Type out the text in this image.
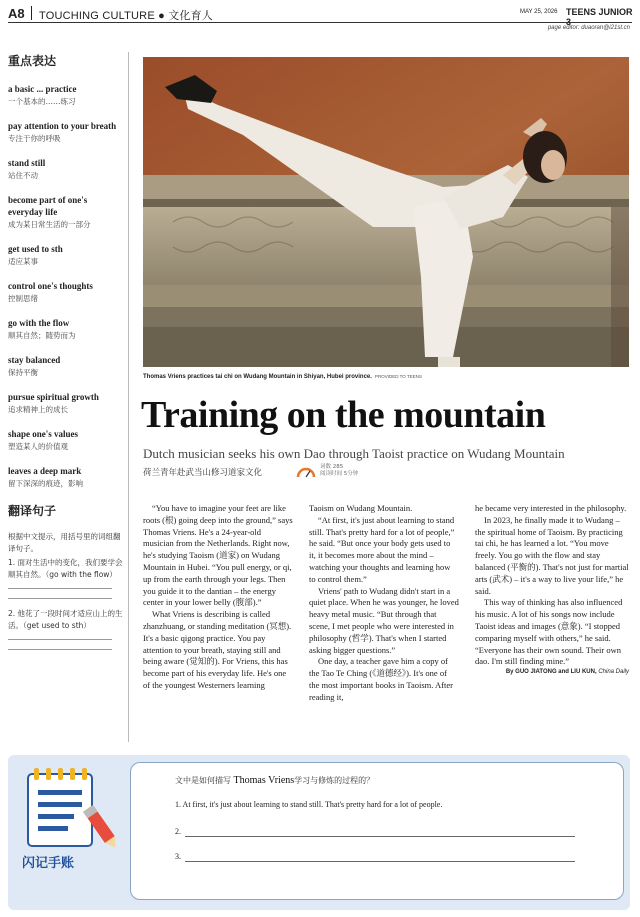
A8 TOUCHING CULTURE ● 文化育人	MAY 25, 2026 TEENS JUNIOR
page editor: duaoran@i21st.cn
重点表达
a basic ... practice
一个基本的……练习
pay attention to your breath
专注于你的呼吸
stand still
站住不动
become part of one's everyday life
成为某日常生活的一部分
get used to sth
适应某事
control one's thoughts
控制思绪
go with the flow
顺其自然；随势而为
stay balanced
保持平衡
pursue spiritual growth
追求精神上的成长
shape one's values
塑造某人的价值观
leaves a deep mark
留下深深的痕迹，影响
翻译句子
根据中文提示，用括号里的词组翻译句子。
1. 面对生活中的变化，我们要学会顺其自然。（go with the flow）
2. 他花了一段时间才适应山上的生活。（get used to sth）
Thomas Vriens practices tai chi on Wudang Mountain in Shiyan, Hubei province. PROVIDED TO TEENS
Training on the mountain
Dutch musician seeks his own Dao through Taoist practice on Wudang Mountain
荷兰青年赴武当山修习道家文化
词数 285
阅读时间 5分钟

“You have to imagine your feet are like roots (根) going deep into the ground,” says Thomas Vriens. He's a 24-year-old musician from the Netherlands. Right now, he's studying Taoism (道家) on Wudang Mountain in Hubei. “You pull energy, or qi, up from the earth through your legs. Then you guide it to the dantian – the energy center in your lower belly (腹部).”

What Vriens is describing is called zhanzhuang, or standing meditation (冥想). It's a basic qigong practice. You pay attention to your breath, staying still and being aware (觉知的). For Vriens, this has become part of his everyday life. He's one of the youngest Westerners learning

Taoism on Wudang Mountain.

“At first, it's just about learning to stand still. That's pretty hard for a lot of people,” he said. “But once your body gets used to it, it becomes more about the mind – watching your thoughts and learning how to control them.”

Vriens' path to Wudang didn't start in a quiet place. When he was younger, he loved heavy metal music. “But through that scene, I met people who were interested in philosophy (哲学). That's when I started asking bigger questions.”

One day, a teacher gave him a copy of the Tao Te Ching (《道德经》). It's one of the most important books in Taoism. After reading it,

he became very interested in the philosophy.

In 2023, he finally made it to Wudang – the spiritual home of Taoism. By practicing tai chi, he has learned a lot. “You move freely. You go with the flow and stay balanced (平衡的). That's not just for martial arts (武术) – it's a way to live your life,” he said.

This way of thinking has also influenced his music. A lot of his songs now include Taoist ideas and images (意象). “I stopped comparing myself with others,” he said. “Everyone has their own sound. Their own dao. I'm still finding mine.”

By GUO JIATONG and LIU KUN, China Daily
闪记手账
文中是如何描写 Thomas Vriens学习与修炼的过程的？
1. At first, it's just about learning to stand still. That's pretty hard for a lot of people.
2.
3.
